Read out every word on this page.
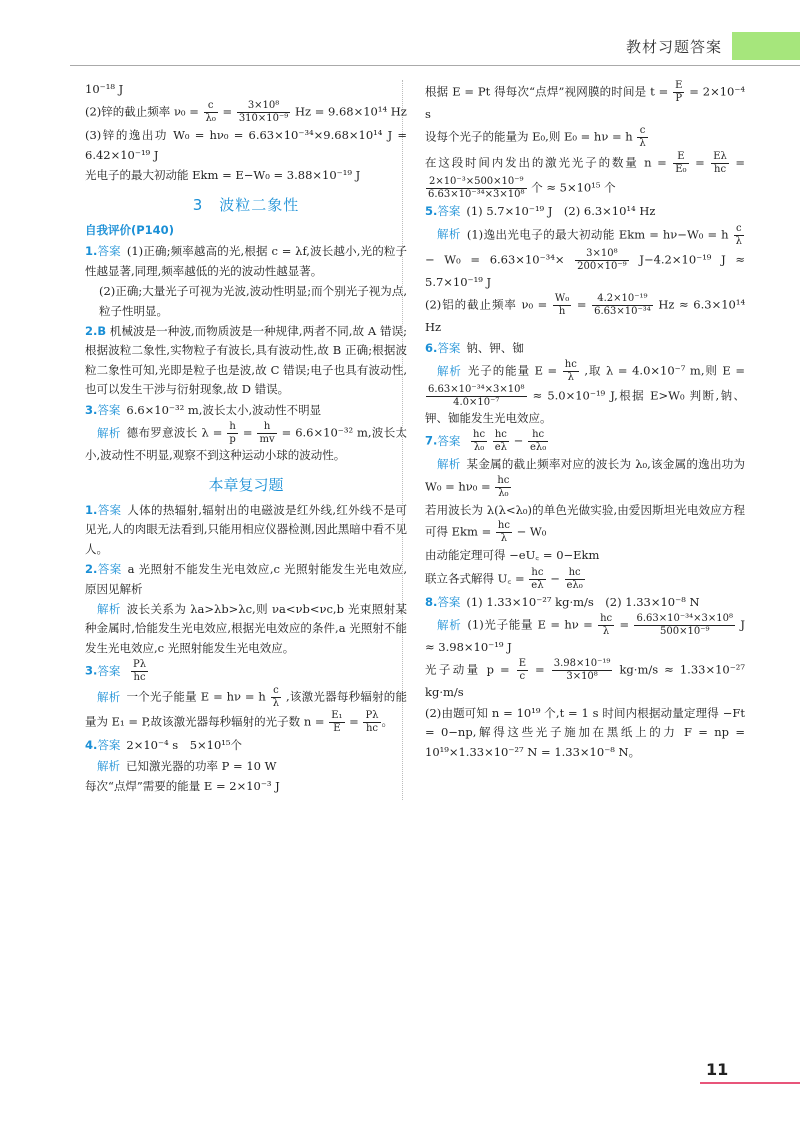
教材习题答案

10⁻¹⁸ J

(2)锌的截止频率 $\nu_0 = \frac{c}{\text{λ₀}} = \frac{\text{3×10⁸}}{\text{310×10⁻⁹}}$ Hz = 9.68×10¹⁴ Hz

(3)锌的逸出功 W₀ = hν₀ = 6.63×10⁻³⁴×9.68×10¹⁴ J = 6.42×10⁻¹⁹ J

光电子的最大初动能 Ekm = E−W₀ = 3.88×10⁻¹⁹ J

3　波粒二象性
自我评价(P140)

1.答案 (1)正确;频率越高的光,根据 c = λf,波长越小,光的粒子性越显著,同理,频率越低的光的波动性越显著。

(2)正确;大量光子可视为光波,波动性明显;而个别光子视为点,粒子性明显。

2.B 机械波是一种波,而物质波是一种规律,两者不同,故 A 错误;根据波粒二象性,实物粒子有波长,具有波动性,故 B 正确;根据波粒二象性可知,光即是粒子也是波,故 C 错误;电子也具有波动性,也可以发生干涉与衍射现象,故 D 错误。

3.答案 6.6×10⁻³² m,波长太小,波动性不明显

解析 德布罗意波长 $\lambda = \frac{h}{p} = \frac{h}{mv} = 6.6\times 10^{-32}$ m,波长太小,波动性不明显,观察不到这种运动小球的波动性。

本章复习题

1.答案 人体的热辐射,辐射出的电磁波是红外线,红外线不是可见光,人的肉眼无法看到,只能用相应仪器检测,因此黑暗中看不见人。

2.答案 a 光照射不能发生光电效应,c 光照射能发生光电效应,原因见解析

解析 波长关系为 λa>λb>λc,则 νa<νb<νc,b 光束照射某种金属时,恰能发生光电效应,根据光电效应的条件,a 光照射不能发生光电效应,c 光照射能发生光电效应。

3.答案 $\frac{P\lambda}{hc}$

解析 一个光子能量 E = hν = h $\frac{c}{\lambda}$ ,该激光器每秒辐射的能量为 E₁ = P,故该激光器每秒辐射的光子数 $n = \frac{\text{E₁}}{E} = \frac{P\lambda}{hc}$ 。

4.答案 2×10⁻⁴ s　5×10¹⁵个

解析 已知激光器的功率 P = 10 W

每次“点焊”需要的能量 E = 2×10⁻³ J

根据 E = Pt 得每次“点焊”视网膜的时间是 $t = \frac{E}{P} = 2\times 10^{-4}$ s

设每个光子的能量为 E₀,则 E₀ = hν = h $\frac{c}{\lambda}$

在这段时间内发出的激光光子的数量 $n = \frac{E}{\text{E₀}} = \frac{E\lambda}{hc}$ =
$\frac{\text{2×10⁻³×500×10⁻⁹}}{\text{6.63×10⁻³⁴×3×10⁸}}$ 个 ≈ 5×10¹⁵ 个

5.答案 (1) 5.7×10⁻¹⁹ J　(2) 6.3×10¹⁴ Hz

解析 (1)逸出光电子的最大初动能 Ekm = hν−W₀ = h $\frac{c}{\lambda}$
− $W_0 = 6.63\times 10^{-34}\times \frac{\text{3×10⁸}}{\text{200×10⁻⁹}} J-4.2\times 10^{-19}$ J ≈ 5.7×10⁻¹⁹ J

(2)铝的截止频率 $\nu_0 = \frac{\text{W₀}}{h} = \frac{\text{4.2×10⁻¹⁹}}{\text{6.63×10⁻³⁴}}$ Hz ≈ 6.3×10¹⁴ Hz

6.答案 钠、钾、铷

解析 光子的能量 $E = \frac{hc}{\lambda}$ ,取 λ = 4.0×10⁻⁷ m,则 E =
$\frac{\text{6.63×10⁻³⁴×3×10⁸}}{\text{4.0×10⁻⁷}} \approx 5.0\times 10^{-19}$ J,根据 E>W₀ 判断,钠、钾、铷能发生光电效应。

7.答案 $\frac{hc}{\text{λ₀}}$
$\frac{hc}{e\lambda} - \frac{hc}{\text{eλ₀}}$

解析 某金属的截止频率对应的波长为 λ₀,该金属的逸出功为 $W_0 = h\nu_0 = \frac{hc}{\text{λ₀}}$

若用波长为 λ(λ<λ₀)的单色光做实验,由爱因斯坦光电效应方程可得 Ekm = $\frac{hc}{\lambda} - W_0$

由动能定理可得 −eU꜀ = 0−Ekm

联立各式解得 U꜀ = $\frac{hc}{e\lambda} - \frac{hc}{\text{eλ₀}}$

8.答案 (1) 1.33×10⁻²⁷ kg·m/s　(2) 1.33×10⁻⁸ N

解析 (1)光子能量 $E = h\nu = \frac{hc}{\lambda} = \frac{\text{6.63×10⁻³⁴×3×10⁸}}{\text{500×10⁻⁹}}$ J ≈ 3.98×10⁻¹⁹ J

光子动量 $p = \frac{E}{c} = \frac{\text{3.98×10⁻¹⁹}}{\text{3×10⁸}} kg\cdot m/s \approx 1.33\times 10^{-27}$ kg·m/s

(2)由题可知 n = 10¹⁹ 个,t = 1 s 时间内根据动量定理得 −Ft = 0−np,解得这些光子施加在黑纸上的力 F = np = 10¹⁹×1.33×10⁻²⁷ N = 1.33×10⁻⁸ N。

11
